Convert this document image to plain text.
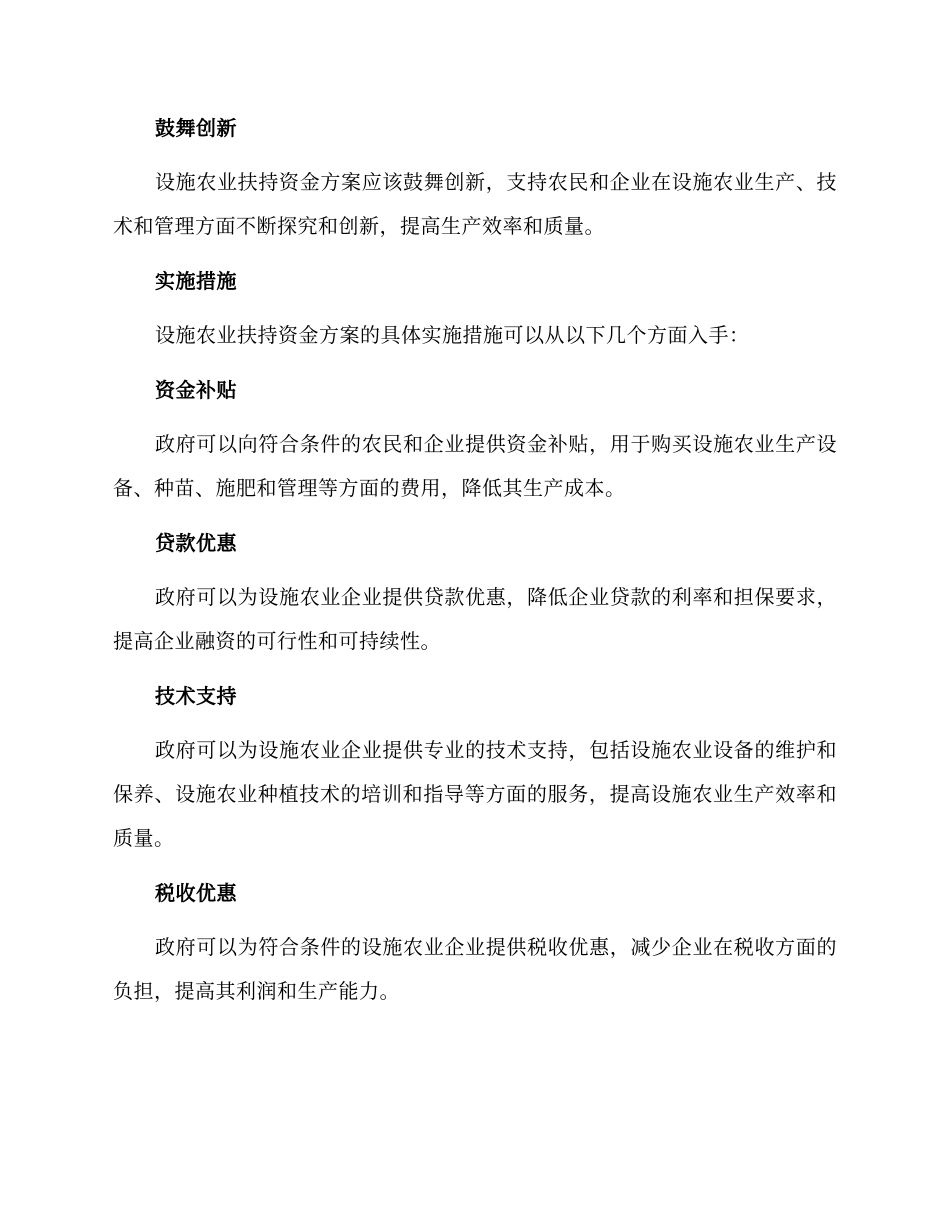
鼓舞创新

设施农业扶持资金方案应该鼓舞创新，支持农民和企业在设施农业生产、技术和管理方面不断探究和创新，提高生产效率和质量。

实施措施

设施农业扶持资金方案的具体实施措施可以从以下几个方面入手：

资金补贴

政府可以向符合条件的农民和企业提供资金补贴，用于购买设施农业生产设备、种苗、施肥和管理等方面的费用，降低其生产成本。

贷款优惠

政府可以为设施农业企业提供贷款优惠，降低企业贷款的利率和担保要求，提高企业融资的可行性和可持续性。

技术支持

政府可以为设施农业企业提供专业的技术支持，包括设施农业设备的维护和保养、设施农业种植技术的培训和指导等方面的服务，提高设施农业生产效率和质量。

税收优惠

政府可以为符合条件的设施农业企业提供税收优惠，减少企业在税收方面的负担，提高其利润和生产能力。
